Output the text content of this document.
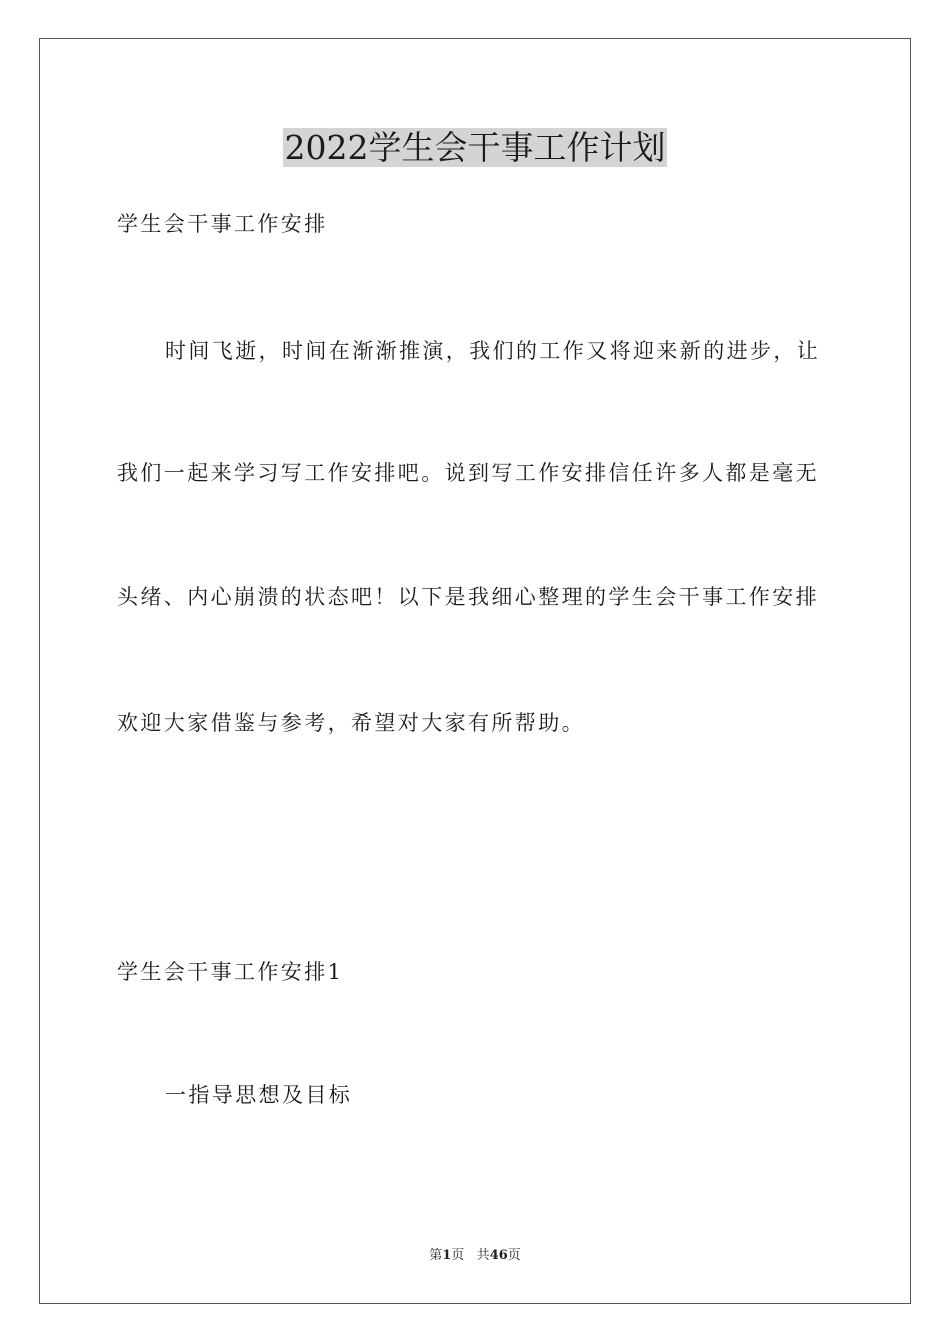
2022学生会干事工作计划

学生会干事工作安排

时间飞逝，时间在渐渐推演，我们的工作又将迎来新的进步，让

我们一起来学习写工作安排吧。说到写工作安排信任许多人都是毫无

头绪、内心崩溃的状态吧！以下是我细心整理的学生会干事工作安排

欢迎大家借鉴与参考，希望对大家有所帮助。

学生会干事工作安排1

一指导思想及目标

第1页 共46页
